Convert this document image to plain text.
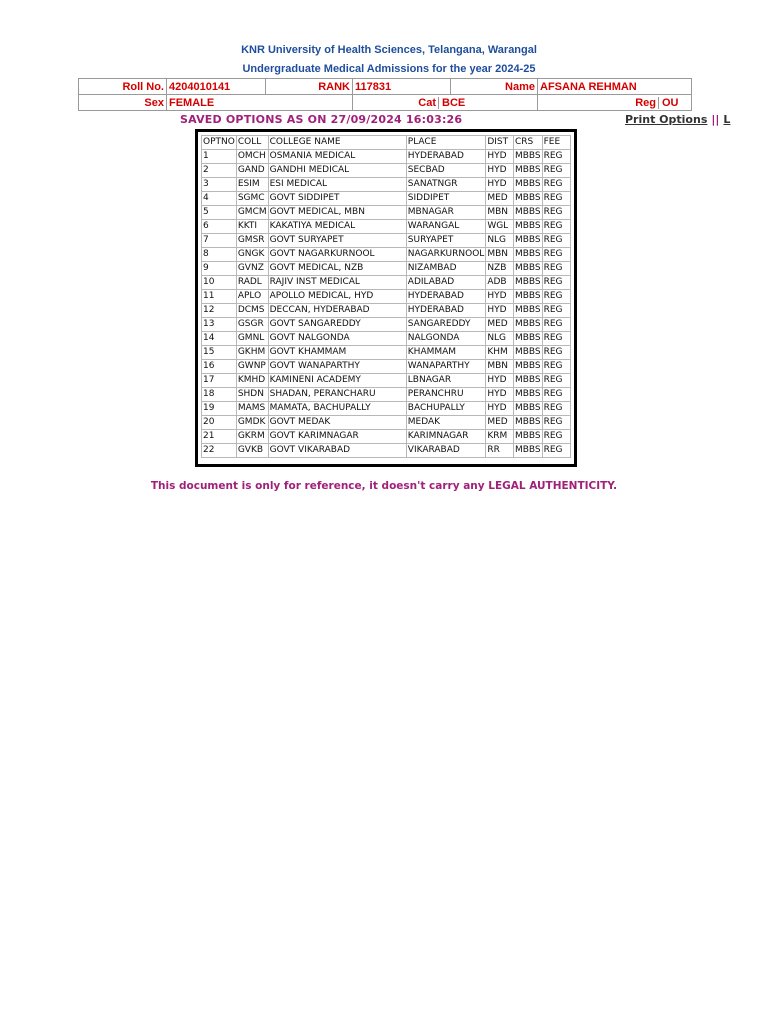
KNR University of Health Sciences, Telangana, Warangal
Undergraduate Medical Admissions for the year 2024-25
Roll No.	4204010141	RANK	117831	Name	AFSANA REHMAN
Sex	FEMALE		Cat BCE		Reg OU
SAVED OPTIONS AS ON 27/09/2024 16:03:26	Print Options || L
OPTNO	COLL	COLLEGE NAME	PLACE	DIST	CRS	FEE
1	OMCH	OSMANIA MEDICAL	HYDERABAD	HYD	MBBS	REG
2	GAND	GANDHI MEDICAL	SECBAD	HYD	MBBS	REG
3	ESIM	ESI MEDICAL	SANATNGR	HYD	MBBS	REG
4	SGMC	GOVT SIDDIPET	SIDDIPET	MED	MBBS	REG
5	GMCM	GOVT MEDICAL, MBN	MBNAGAR	MBN	MBBS	REG
6	KKTI	KAKATIYA MEDICAL	WARANGAL	WGL	MBBS	REG
7	GMSR	GOVT SURYAPET	SURYAPET	NLG	MBBS	REG
8	GNGK	GOVT NAGARKURNOOL	NAGARKURNOOL	MBN	MBBS	REG
9	GVNZ	GOVT MEDICAL, NZB	NIZAMBAD	NZB	MBBS	REG
10	RADL	RAJIV INST MEDICAL	ADILABAD	ADB	MBBS	REG
11	APLO	APOLLO MEDICAL, HYD	HYDERABAD	HYD	MBBS	REG
12	DCMS	DECCAN, HYDERABAD	HYDERABAD	HYD	MBBS	REG
13	GSGR	GOVT SANGAREDDY	SANGAREDDY	MED	MBBS	REG
14	GMNL	GOVT NALGONDA	NALGONDA	NLG	MBBS	REG
15	GKHM	GOVT KHAMMAM	KHAMMAM	KHM	MBBS	REG
16	GWNP	GOVT WANAPARTHY	WANAPARTHY	MBN	MBBS	REG
17	KMHD	KAMINENI ACADEMY	LBNAGAR	HYD	MBBS	REG
18	SHDN	SHADAN, PERANCHARU	PERANCHRU	HYD	MBBS	REG
19	MAMS	MAMATA, BACHUPALLY	BACHUPALLY	HYD	MBBS	REG
20	GMDK	GOVT MEDAK	MEDAK	MED	MBBS	REG
21	GKRM	GOVT KARIMNAGAR	KARIMNAGAR	KRM	MBBS	REG
22	GVKB	GOVT VIKARABAD	VIKARABAD	RR	MBBS	REG
This document is only for reference, it doesn't carry any LEGAL AUTHENTICITY.
